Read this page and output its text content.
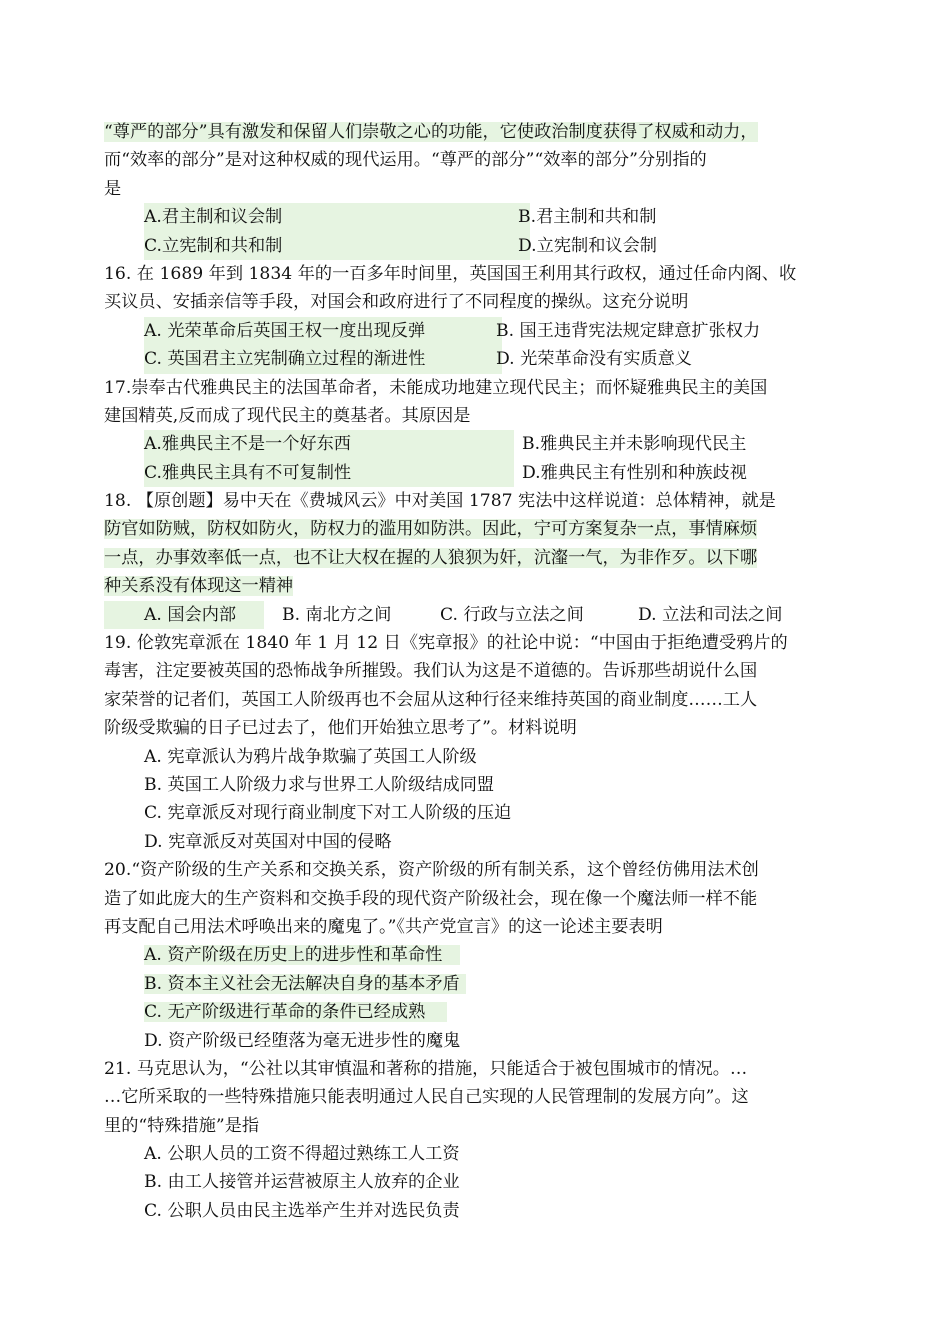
“尊严的部分”具有激发和保留人们崇敬之心的功能，它使政治制度获得了权威和动力，
而“效率的部分”是对这种权威的现代运用。“尊严的部分”“效率的部分”分别指的
是
A.君主制和议会制	B.君主制和共和制
C.立宪制和共和制	D.立宪制和议会制
16. 在 1689 年到 1834 年的一百多年时间里，英国国王利用其行政权，通过任命内阁、收
买议员、安插亲信等手段，对国会和政府进行了不同程度的操纵。这充分说明
A. 光荣革命后英国王权一度出现反弹	B. 国王违背宪法规定肆意扩张权力
C. 英国君主立宪制确立过程的渐进性	D. 光荣革命没有实质意义
17.崇奉古代雅典民主的法国革命者，未能成功地建立现代民主；而怀疑雅典民主的美国
建国精英,反而成了现代民主的奠基者。其原因是
A.雅典民主不是一个好东西	B.雅典民主并未影响现代民主
C.雅典民主具有不可复制性	D.雅典民主有性别和种族歧视
18. 【原创题】易中天在《费城风云》中对美国 1787 宪法中这样说道：总体精神，就是
防官如防贼，防权如防火，防权力的滥用如防洪。因此，宁可方案复杂一点，事情麻烦
一点，办事效率低一点，也不让大权在握的人狼狈为奸，沆瀣一气，为非作歹。以下哪
种关系没有体现这一精神
A. 国会内部	B. 南北方之间	C. 行政与立法之间	D. 立法和司法之间
19. 伦敦宪章派在 1840 年 1 月 12 日《宪章报》的社论中说：“中国由于拒绝遭受鸦片的
毒害，注定要被英国的恐怖战争所摧毁。我们认为这是不道德的。告诉那些胡说什么国
家荣誉的记者们，英国工人阶级再也不会屈从这种行径来维持英国的商业制度……工人
阶级受欺骗的日子已过去了，他们开始独立思考了”。材料说明
A. 宪章派认为鸦片战争欺骗了英国工人阶级
B. 英国工人阶级力求与世界工人阶级结成同盟
C. 宪章派反对现行商业制度下对工人阶级的压迫
D. 宪章派反对英国对中国的侵略
20.“资产阶级的生产关系和交换关系，资产阶级的所有制关系，这个曾经仿佛用法术创
造了如此庞大的生产资料和交换手段的现代资产阶级社会，现在像一个魔法师一样不能
再支配自己用法术呼唤出来的魔鬼了。”《共产党宣言》的这一论述主要表明
A. 资产阶级在历史上的进步性和革命性
B. 资本主义社会无法解决自身的基本矛盾
C. 无产阶级进行革命的条件已经成熟
D. 资产阶级已经堕落为毫无进步性的魔鬼
21. 马克思认为，“公社以其审慎温和著称的措施，只能适合于被包围城市的情况。…
…它所采取的一些特殊措施只能表明通过人民自己实现的人民管理制的发展方向”。这
里的“特殊措施”是指
A. 公职人员的工资不得超过熟练工人工资
B. 由工人接管并运营被原主人放弃的企业
C. 公职人员由民主选举产生并对选民负责
